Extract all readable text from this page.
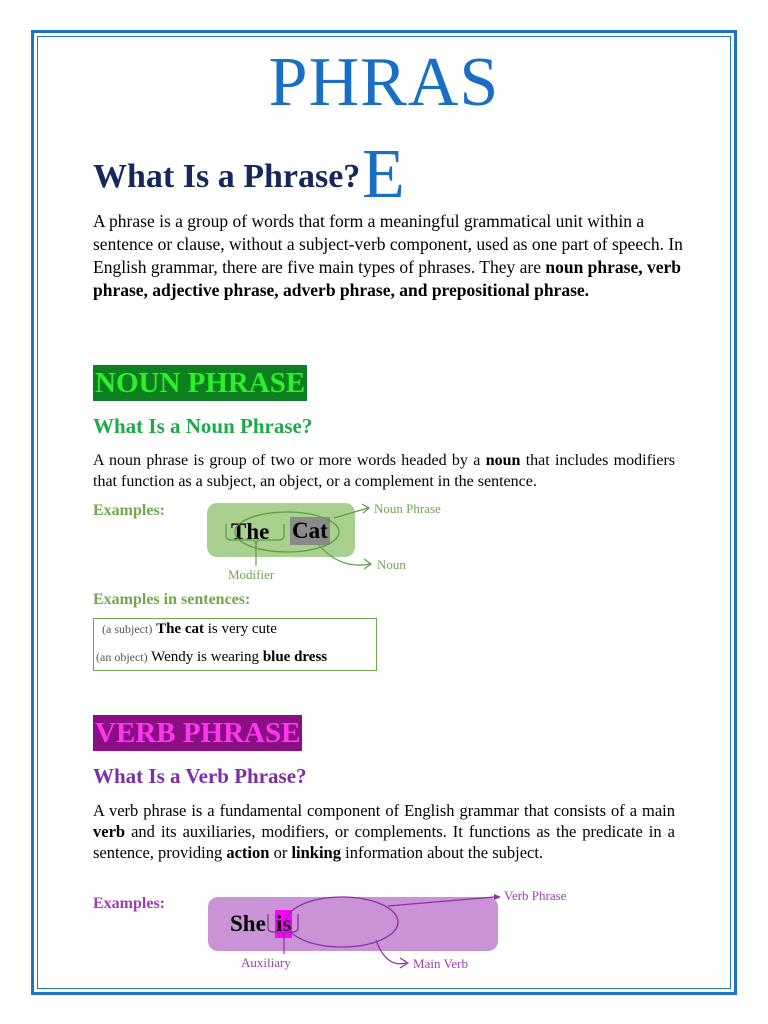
PHRAS
E
What Is a Phrase?
A phrase is a group of words that form a meaningful grammatical unit within a sentence or clause, without a subject-verb component, used as one part of speech. In English grammar, there are five main types of phrases. They are noun phrase, verb phrase, adjective phrase, adverb phrase, and prepositional phrase.
NOUN PHRASE
What Is a Noun Phrase?
A noun phrase is group of two or more words headed by a noun that includes modifiers that function as a subject, an object, or a complement in the sentence.
Examples:
The Cat
Noun Phrase
Noun
Modifier
Examples in sentences:
(a subject) The cat is very cute
(an object) Wendy is wearing blue dress
VERB PHRASE
What Is a Verb Phrase?
A verb phrase is a fundamental component of English grammar that consists of a main verb and its auxiliaries, modifiers, or complements. It functions as the predicate in a sentence, providing action or linking information about the subject.
Examples:
She is
Verb Phrase
Main Verb
Auxiliary
